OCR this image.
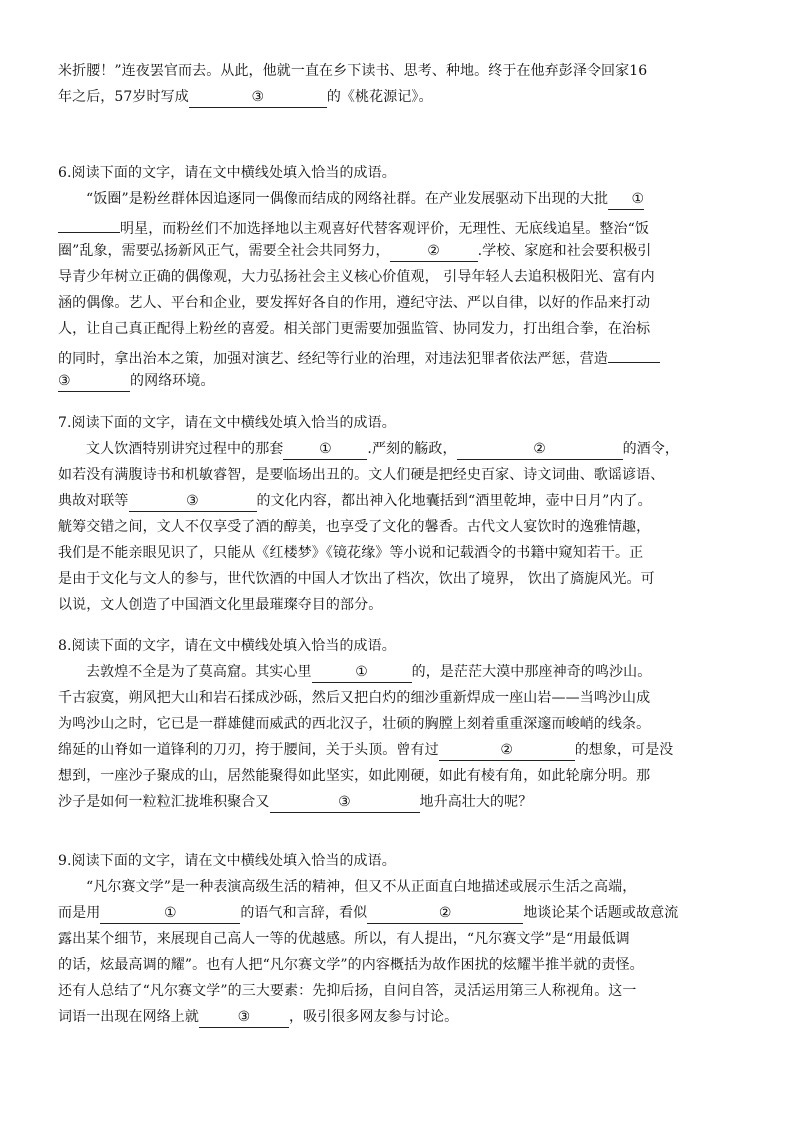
米折腰！”连夜罢官而去。从此，他就一直在乡下读书、思考、种地。终于在他弃彭泽令回家16
年之后，57岁时写成	③	的《桃花源记》。
6.阅读下面的文字，请在文中横线处填入恰当的成语。
“饭圈”是粉丝群体因追逐同一偶像而结成的网络社群。在产业发展驱动下出现的大批 ①
明星，而粉丝们不加选择地以主观喜好代替客观评价，无理性、无底线追星。整治“饭
圈”乱象，需要弘扬新风正气，需要全社会共同努力，	②	.学校、家庭和社会要积极引
导青少年树立正确的偶像观，大力弘扬社会主义核心价值观， 引导年轻人去追积极阳光、富有内
涵的偶像。艺人、平台和企业，要发挥好各自的作用，遵纪守法、严以自律，以好的作品来打动
人，让自己真正配得上粉丝的喜爱。相关部门更需要加强监管、协同发力，打出组合拳，在治标
的同时，拿出治本之策，加强对演艺、经纪等行业的治理，对违法犯罪者依法严惩，营造
③	的网络环境。
7.阅读下面的文字，请在文中横线处填入恰当的成语。
文人饮酒特别讲究过程中的那套	①	.严刻的觞政，	②	的酒令，
如若没有满腹诗书和机敏睿智，是要临场出丑的。文人们硬是把经史百家、诗文词曲、歌谣谚语、
典故对联等	③	的文化内容，都出神入化地囊括到“酒里乾坤，壶中日月”内了。
觥筹交错之间，文人不仅享受了酒的醇美，也享受了文化的馨香。古代文人宴饮时的逸雅情趣，
我们是不能亲眼见识了，只能从《红楼梦》《镜花缘》等小说和记载酒令的书籍中窥知若干。正
是由于文化与文人的参与，世代饮酒的中国人才饮出了档次，饮出了境界， 饮出了旖旎风光。可
以说，文人创造了中国酒文化里最璀璨夺目的部分。
8.阅读下面的文字，请在文中横线处填入恰当的成语。
去敦煌不全是为了莫高窟。其实心里	①	的，是茫茫大漠中那座神奇的鸣沙山。
千古寂寞，朔风把大山和岩石揉成沙砾，然后又把白灼的细沙重新焊成一座山岩——当鸣沙山成
为鸣沙山之时，它已是一群雄健而威武的西北汉子，壮硕的胸膛上刻着重重深邃而峻峭的线条。
绵延的山脊如一道锋利的刀刃，挎于腰间，关于头顶。曾有过	②	的想象，可是没
想到，一座沙子聚成的山，居然能聚得如此坚实，如此刚硬，如此有棱有角，如此轮廓分明。那
沙子是如何一粒粒汇拢堆积聚合又	③	地升高壮大的呢？
9.阅读下面的文字，请在文中横线处填入恰当的成语。
“凡尔赛文学”是一种表演高级生活的精神，但又不从正面直白地描述或展示生活之高端，
而是用	①	的语气和言辞，看似	②	地谈论某个话题或故意流
露出某个细节，来展现自己高人一等的优越感。所以，有人提出，“凡尔赛文学”是“用最低调
的话，炫最高调的耀”。也有人把“凡尔赛文学”的内容概括为故作困扰的炫耀半推半就的责怪。
还有人总结了“凡尔赛文学”的三大要素：先抑后扬，自问自答，灵活运用第三人称视角。这一
词语一出现在网络上就	③	，吸引很多网友参与讨论。
